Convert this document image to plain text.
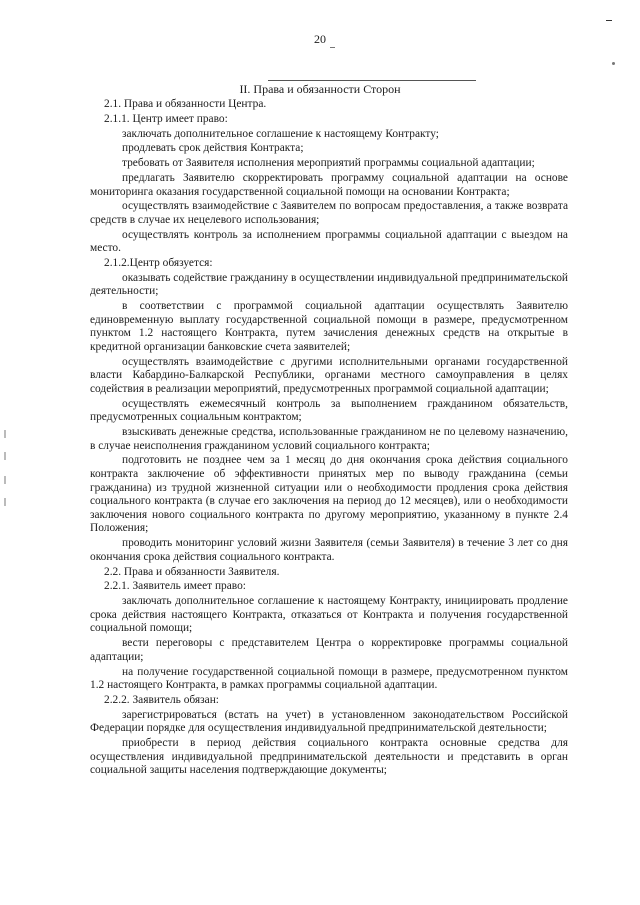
20
II. Права и обязанности Сторон

2.1. Права и обязанности Центра.

2.1.1. Центр имеет право:

заключать дополнительное соглашение к настоящему Контракту;

продлевать срок действия Контракта;

требовать от Заявителя исполнения мероприятий программы социальной адаптации;

предлагать Заявителю скорректировать программу социальной адаптации на основе мониторинга оказания государственной социальной помощи на основании Контракта;

осуществлять взаимодействие с Заявителем по вопросам предоставления, а также возврата средств в случае их нецелевого использования;

осуществлять контроль за исполнением программы социальной адаптации с выездом на место.

2.1.2.Центр обязуется:

оказывать содействие гражданину в осуществлении индивидуальной предпринимательской деятельности;

в соответствии с программой социальной адаптации осуществлять Заявителю единовременную выплату государственной социальной помощи в размере, предусмотренном пунктом 1.2 настоящего Контракта, путем зачисления денежных средств на открытые в кредитной организации банковские счета заявителей;

осуществлять взаимодействие с другими исполнительными органами государственной власти Кабардино-Балкарской Республики, органами местного самоуправления в целях содействия в реализации мероприятий, предусмотренных программой социальной адаптации;

осуществлять ежемесячный контроль за выполнением гражданином обязательств, предусмотренных социальным контрактом;

взыскивать денежные средства, использованные гражданином не по целевому назначению, в случае неисполнения гражданином условий социального контракта;

подготовить не позднее чем за 1 месяц до дня окончания срока действия социального контракта заключение об эффективности принятых мер по выводу гражданина (семьи гражданина) из трудной жизненной ситуации или о необходимости продления срока действия социального контракта (в случае его заключения на период до 12 месяцев), или о необходимости заключения нового социального контракта по другому мероприятию, указанному в пункте 2.4 Положения;

проводить мониторинг условий жизни Заявителя (семьи Заявителя) в течение 3 лет со дня окончания срока действия социального контракта.

2.2. Права и обязанности Заявителя.

2.2.1. Заявитель имеет право:

заключать дополнительное соглашение к настоящему Контракту, инициировать продление срока действия настоящего Контракта, отказаться от Контракта и получения государственной социальной помощи;

вести переговоры с представителем Центра о корректировке программы социальной адаптации;

на получение государственной социальной помощи в размере, предусмотренном пунктом 1.2 настоящего Контракта, в рамках программы социальной адаптации.

2.2.2. Заявитель обязан:

зарегистрироваться (встать на учет) в установленном законодательством Российской Федерации порядке для осуществления индивидуальной предпринимательской деятельности;

приобрести в период действия социального контракта основные средства для осуществления индивидуальной предпринимательской деятельности и представить в орган социальной защиты населения подтверждающие документы;
